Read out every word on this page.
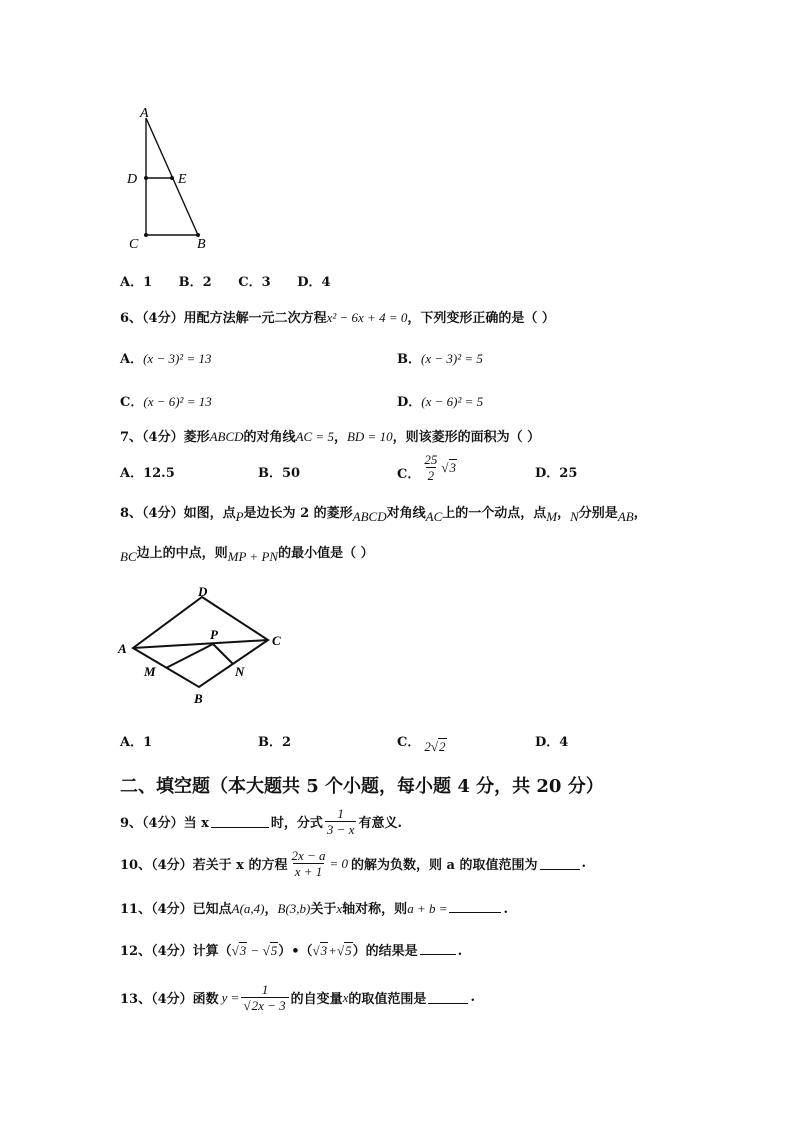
A
D	E
C	B
A．1 B．2 C．3 D．4
6、（4分）用配方法解一元二次方程x² − 6x + 4 = 0，下列变形正确的是（ ）
A．(x − 3)² = 13	B．(x − 3)² = 5
C．(x − 6)² = 13	D．(x − 6)² = 5
7、（4分）菱形ABCD的对角线AC = 5，BD = 10，则该菱形的面积为（ ）
A．12.5	B．50	C． $\frac{25}{2} √3$	D．25
8、（4分）如图，点P是边长为 2 的菱形ABCD对角线AC上的一个动点，点M，N分别是AB，
BC边上的中点，则MP + PN的最小值是（ ）
D
A
P	C
M	N
B
A．1	B．2	C． 2√2	D．4
二、填空题（本大题共 5 个小题，每小题 4 分，共 20 分）
9、（4分）当 x	时，分式 $\frac{1}{3 - x}$ 有意义.
10、（4分）若关于 x 的方程 $\frac{2x - a}{x + 1} = 0$ 的解为负数，则 a 的取值范围为	.
11、（4分）已知点A(a,4)，B(3,b)关于x轴对称，则a + b =	.
12、（4分）计算（√3 − √5）•（√3+√5）的结果是	.
13、（4分）函数 $y = \frac{1}{√2x - 3}$ 的自变量 x 的取值范围是	.
